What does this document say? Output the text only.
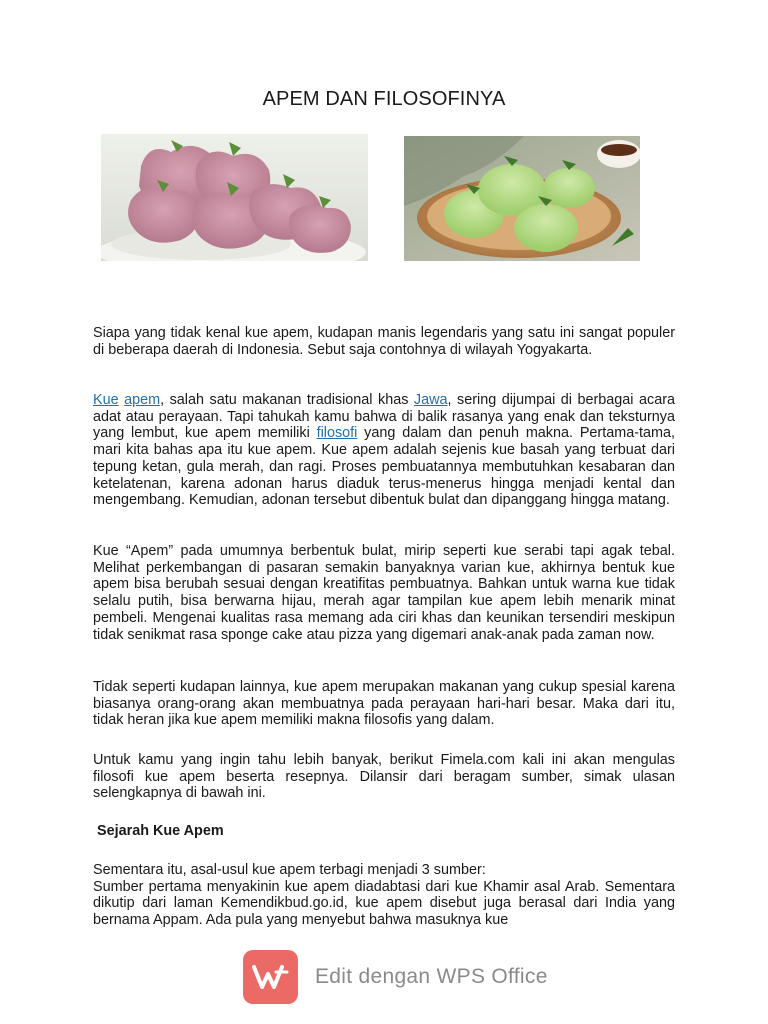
APEM DAN FILOSOFINYA

Siapa yang tidak kenal kue apem, kudapan manis legendaris yang satu ini sangat populer di beberapa daerah di Indonesia. Sebut saja contohnya di wilayah Yogyakarta.

Kue apem, salah satu makanan tradisional khas Jawa, sering dijumpai di berbagai acara adat atau perayaan. Tapi tahukah kamu bahwa di balik rasanya yang enak dan teksturnya yang lembut, kue apem memiliki filosofi yang dalam dan penuh makna. Pertama-tama, mari kita bahas apa itu kue apem. Kue apem adalah sejenis kue basah yang terbuat dari tepung ketan, gula merah, dan ragi. Proses pembuatannya membutuhkan kesabaran dan ketelatenan, karena adonan harus diaduk terus-menerus hingga menjadi kental dan mengembang. Kemudian, adonan tersebut dibentuk bulat dan dipanggang hingga matang.

Kue “Apem” pada umumnya berbentuk bulat, mirip seperti kue serabi tapi agak tebal. Melihat perkembangan di pasaran semakin banyaknya varian kue, akhirnya bentuk kue apem bisa berubah sesuai dengan kreatifitas pembuatnya. Bahkan untuk warna kue tidak selalu putih, bisa berwarna hijau, merah agar tampilan kue apem lebih menarik minat pembeli. Mengenai kualitas rasa memang ada ciri khas dan keunikan tersendiri meskipun tidak senikmat rasa sponge cake atau pizza yang digemari anak-anak pada zaman now.

Tidak seperti kudapan lainnya, kue apem merupakan makanan yang cukup spesial karena biasanya orang-orang akan membuatnya pada perayaan hari-hari besar. Maka dari itu, tidak heran jika kue apem memiliki makna filosofis yang dalam.

Untuk kamu yang ingin tahu lebih banyak, berikut Fimela.com kali ini akan mengulas filosofi kue apem beserta resepnya. Dilansir dari beragam sumber, simak ulasan selengkapnya di bawah ini.

Sejarah Kue Apem

Sementara itu, asal-usul kue apem terbagi menjadi 3 sumber:
Sumber pertama menyakinin kue apem diadabtasi dari kue Khamir asal Arab. Sementara dikutip dari laman Kemendikbud.go.id, kue apem disebut juga berasal dari India yang bernama Appam. Ada pula yang menyebut bahwa masuknya kue

Edit dengan WPS Office
